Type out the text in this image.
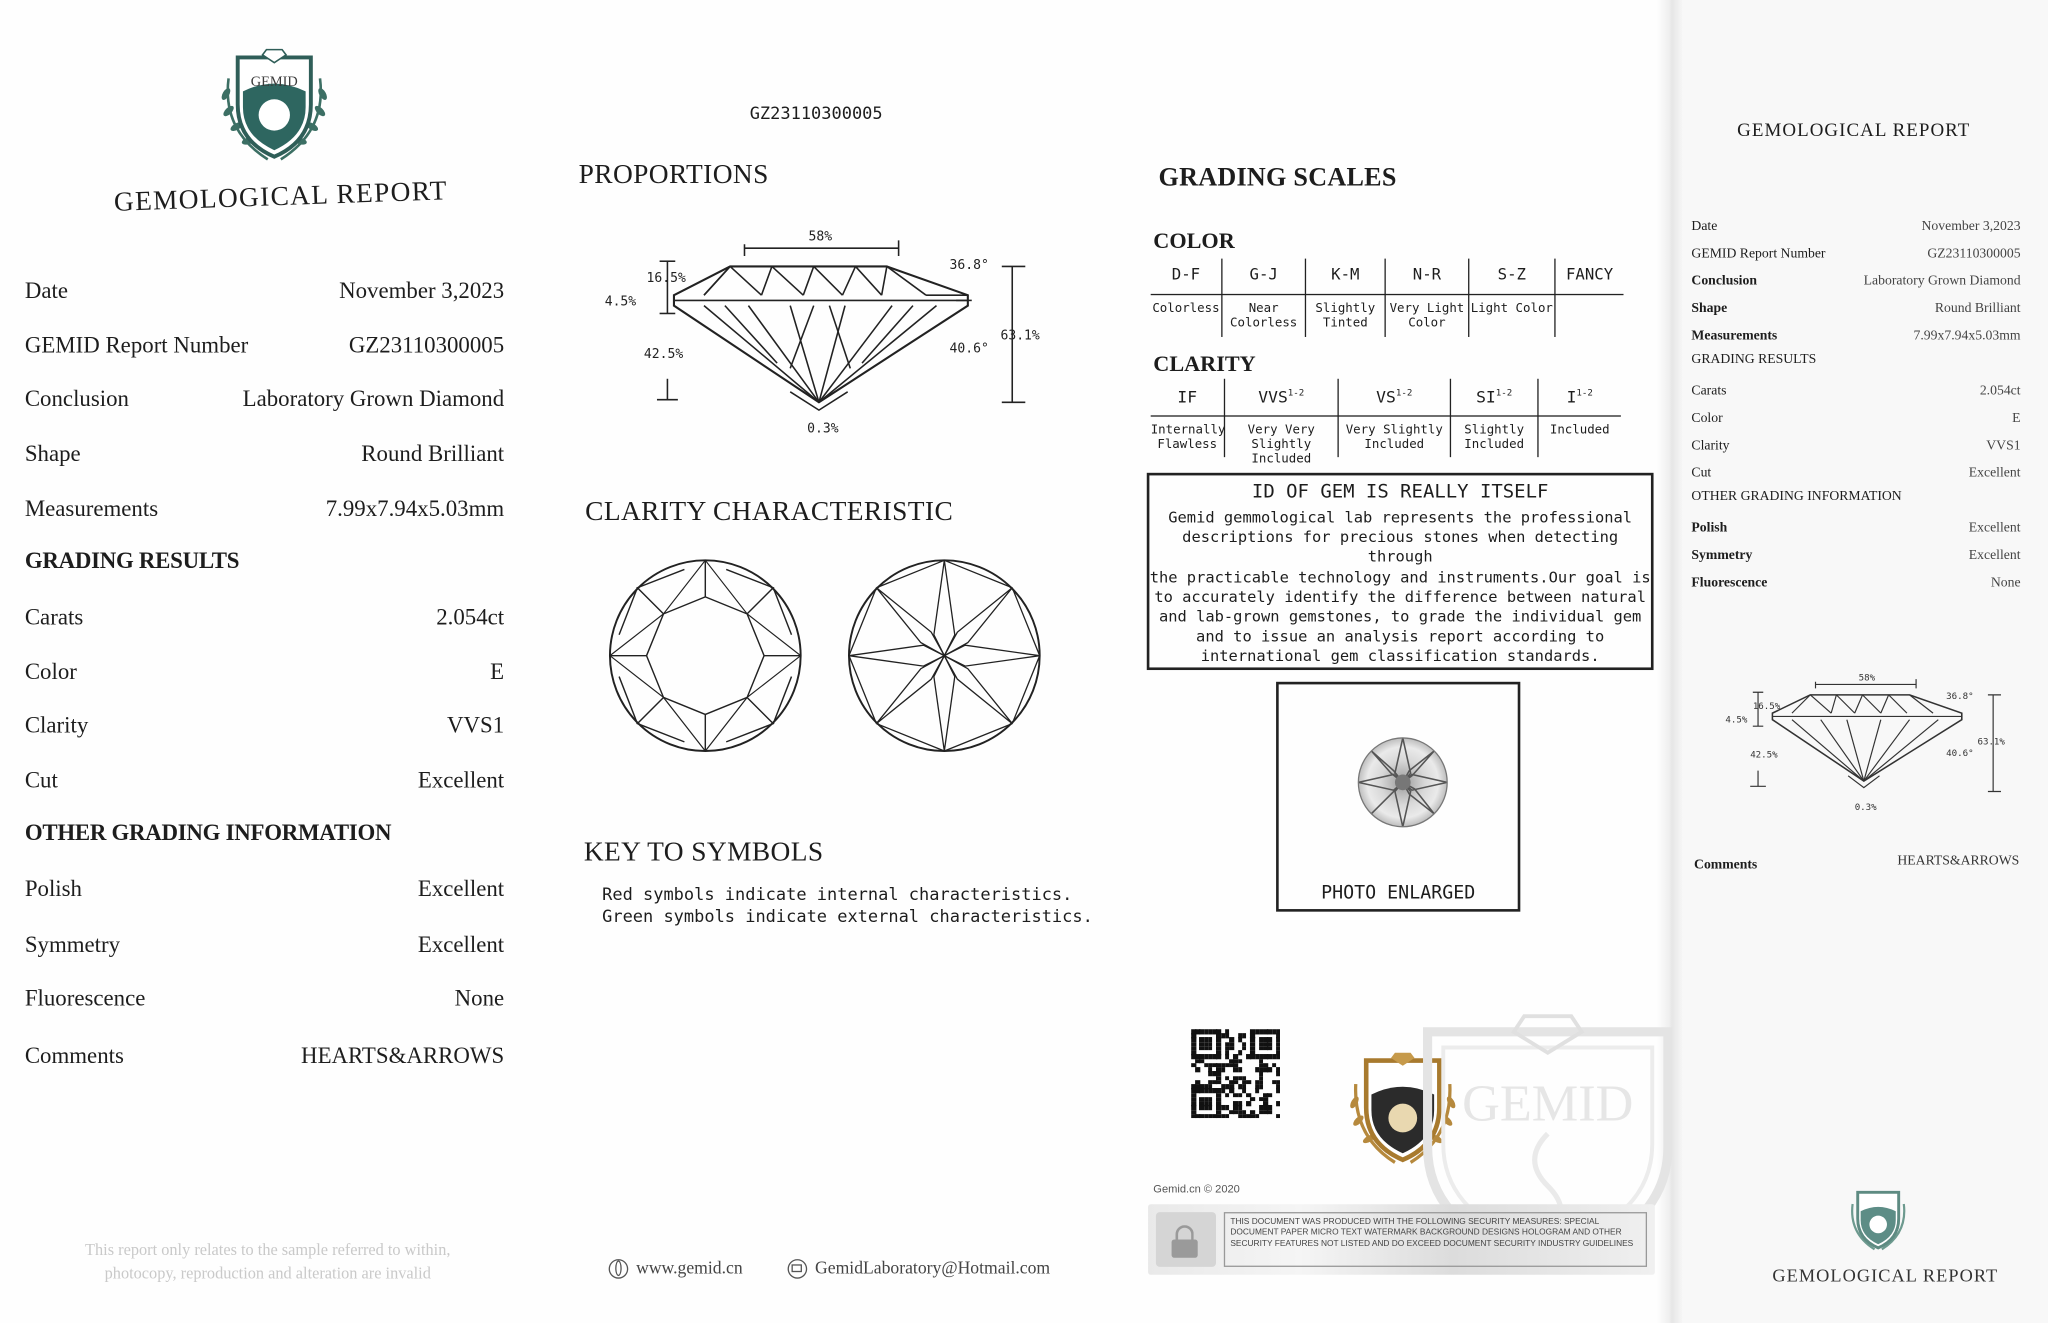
GEMID
GEMOLOGICAL REPORT
Date	November 3,2023
GEMID Report Number	GZ23110300005
Conclusion	Laboratory Grown Diamond
Shape	Round Brilliant
Measurements	7.99x7.94x5.03mm
GRADING RESULTS
Carats	2.054ct
Color	E
Clarity	VVS1
Cut	Excellent
OTHER GRADING INFORMATION
Polish	Excellent
Symmetry	Excellent
Fluorescence	None
Comments	HEARTS&ARROWS
This report only relates to the sample referred to within,
photocopy, reproduction and alteration are invalid
GZ23110300005
PROPORTIONS
58%
16.5%
4.5%
42.5%
36.8°
40.6°
63.1%
0.3%
CLARITY CHARACTERISTIC
KEY TO SYMBOLS
Red symbols indicate internal characteristics.
Green symbols indicate external characteristics.
www.gemid.cn	GemidLaboratory@Hotmail.com
GRADING SCALES
COLOR
D-F
Colorless
G-J
Near Colorless
K-M
Slightly Tinted
N-R
Very Light Color
S-Z
Light Color
FANCY
CLARITY
IF
Internally Flawless
VVS$^{1-2}$
Very Very Slightly Included
VS$^{1-2}$
Very Slightly Included
SI$^{1-2}$
Slightly Included
$I^{1-2}$
Included
ID OF GEM IS REALLY ITSELF
Gemid gemmological lab represents the professional
descriptions for precious stones when detecting through
the practicable technology and instruments.Our goal is
to accurately identify the difference between natural
and lab-grown gemstones, to grade the individual gem
and to issue an analysis report according to
international gem classification standards.
PHOTO ENLARGED
GEMID
Gemid.cn © 2020
THIS DOCUMENT WAS PRODUCED WITH THE FOLLOWING SECURITY MEASURES: SPECIAL DOCUMENT PAPER MICRO TEXT WATERMARK BACKGROUND DESIGNS HOLOGRAM AND OTHER SECURITY FEATURES NOT LISTED AND DO EXCEED DOCUMENT SECURITY INDUSTRY GUIDELINES
GEMOLOGICAL REPORT
Date	November 3,2023
GEMID Report Number	GZ23110300005
Conclusion	Laboratory Grown Diamond
Shape	Round Brilliant
Measurements	7.99x7.94x5.03mm
GRADING RESULTS
Carats	2.054ct
Color	E
Clarity	VVS1
Cut	Excellent
OTHER GRADING INFORMATION
Polish	Excellent
Symmetry	Excellent
Fluorescence	None
58%
16.5%
4.5%
42.5%
36.8°
40.6°
63.1%
0.3%
Comments	HEARTS&ARROWS
GEMOLOGICAL REPORT
